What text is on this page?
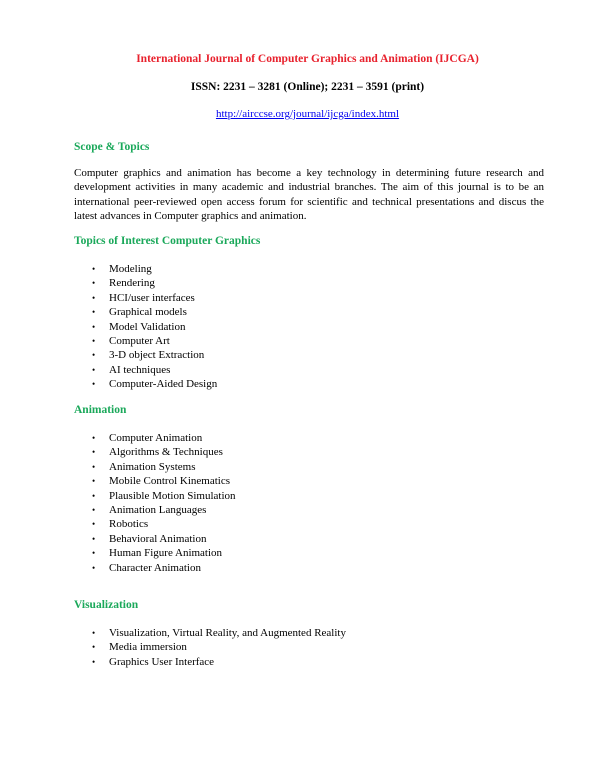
International Journal of Computer Graphics and Animation (IJCGA)
ISSN: 2231 – 3281 (Online); 2231 – 3591 (print)
http://airccse.org/journal/ijcga/index.html
Scope & Topics

Computer graphics and animation has become a key technology in determining future research and development activities in many academic and industrial branches. The aim of this journal is to be an international peer-reviewed open access forum for scientific and technical presentations and discus the latest advances in Computer graphics and animation.

Topics of Interest Computer Graphics
• Modeling
• Rendering
• HCI/user interfaces
• Graphical models
• Model Validation
• Computer Art
• 3-D object Extraction
• AI techniques
• Computer-Aided Design
Animation
• Computer Animation
• Algorithms & Techniques
• Animation Systems
• Mobile Control Kinematics
• Plausible Motion Simulation
• Animation Languages
• Robotics
• Behavioral Animation
• Human Figure Animation
• Character Animation
Visualization
• Visualization, Virtual Reality, and Augmented Reality
• Media immersion
• Graphics User Interface
